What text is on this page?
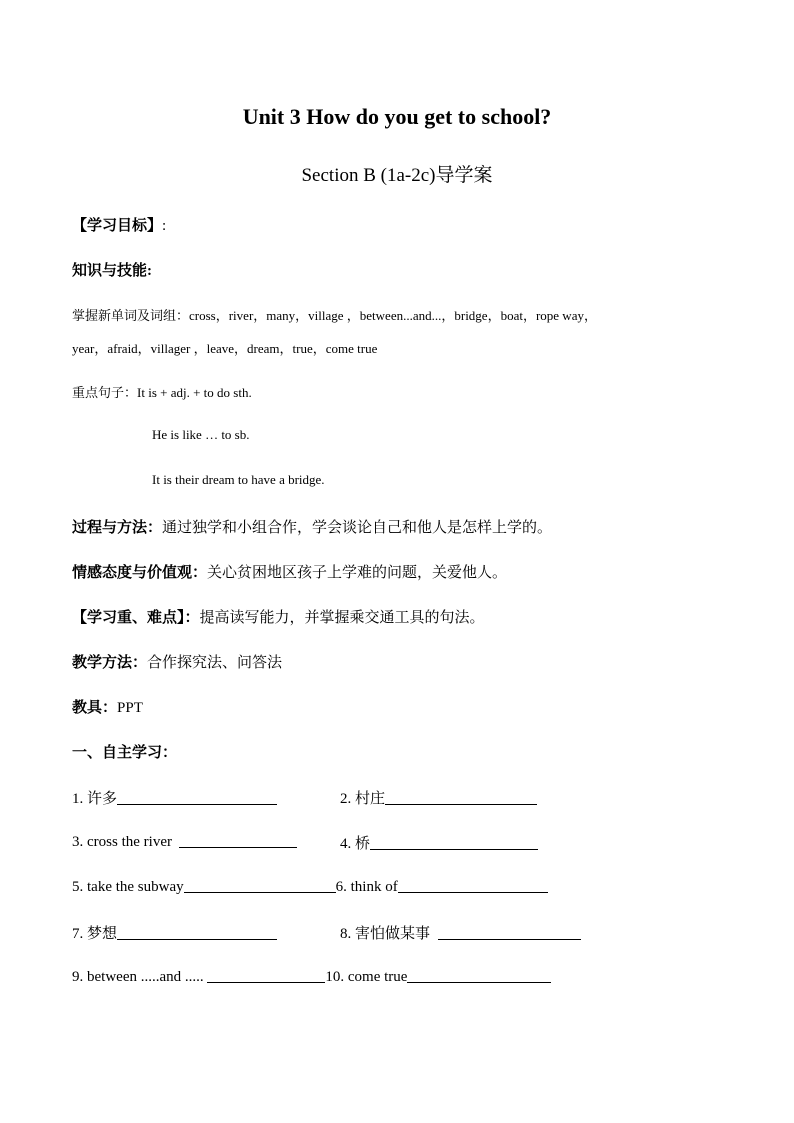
Unit 3 How do you get to school?
Section B (1a-2c)导学案
【学习目标】:
知识与技能:
掌握新单词及词组：cross，river，many，village ，between...and...，bridge，boat，rope way，
year，afraid，villager ，leave，dream，true，come true
重点句子：It is + adj. + to do sth.
He is like … to sb.
It is their dream to have a bridge.
过程与方法：通过独学和小组合作，学会谈论自己和他人是怎样上学的。
情感态度与价值观：关心贫困地区孩子上学难的问题，关爱他人。
【学习重、难点】：提高读写能力，并掌握乘交通工具的句法。
教学方法：合作探究法、问答法
教具：PPT
一、自主学习：
1. 许多	2. 村庄
3. cross the river	4. 桥
5. take the subway	6. think of
7. 梦想	8. 害怕做某事
9. between .....and .....	10. come true
